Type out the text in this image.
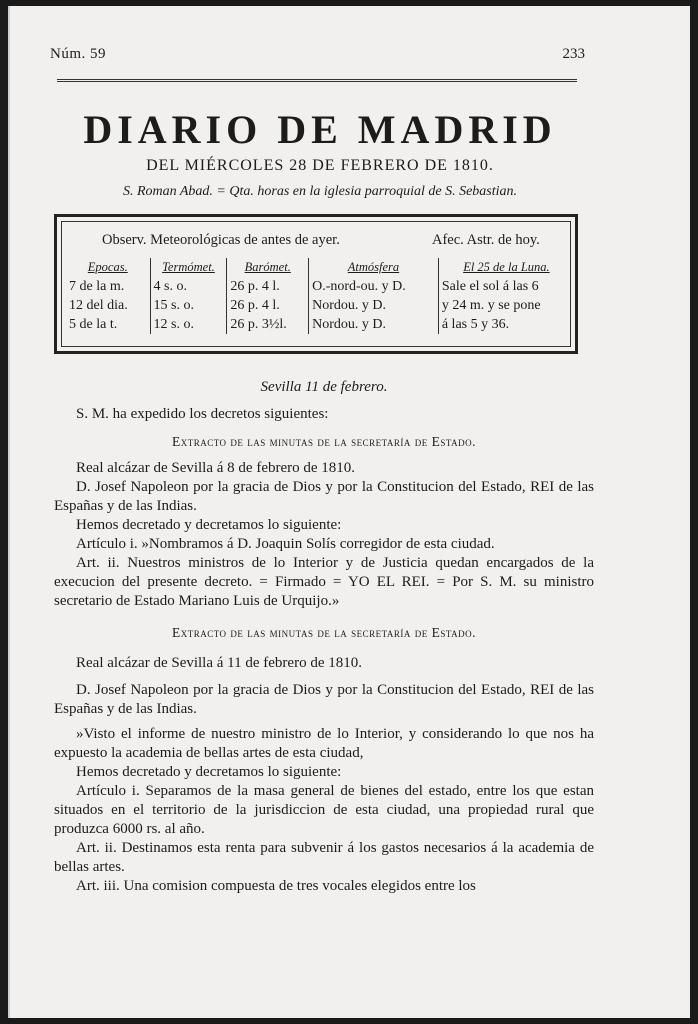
Núm. 59	233
DIARIO DE MADRID
DEL MIÉRCOLES 28 DE FEBRERO DE 1810.
S. Roman Abad. = Qta. horas en la iglesia parroquial de S. Sebastian.
Observ. Meteorológicas de antes de ayer.	Afec. Astr. de hoy.
Epocas.	Termómet.	Barómet.	Atmósfera	El 25 de la Luna.
7 de la m.	4 s. o.	26 p. 4 l.	O.-nord-ou. y D.	Sale el sol á las 6
12 del dia.	15 s. o.	26 p. 4 l.	Nordou. y D.	y 24 m. y se pone
5 de la t.	12 s. o.	26 p. 3½l.	Nordou. y D.	á las 5 y 36.

Sevilla 11 de febrero.

S. M. ha expedido los decretos siguientes:

Extracto de las minutas de la secretaría de Estado.

Real alcázar de Sevilla á 8 de febrero de 1810.

D. Josef Napoleon por la gracia de Dios y por la Constitucion del Estado, REI de las Españas y de las Indias.

Hemos decretado y decretamos lo siguiente:

Artículo i. »Nombramos á D. Joaquin Solís corregidor de esta ciudad.

Art. ii. Nuestros ministros de lo Interior y de Justicia quedan encargados de la execucion del presente decreto. = Firmado = YO EL REI. = Por S. M. su ministro secretario de Estado Mariano Luis de Urquijo.»

Extracto de las minutas de la secretaría de Estado.

Real alcázar de Sevilla á 11 de febrero de 1810.

D. Josef Napoleon por la gracia de Dios y por la Constitucion del Estado, REI de las Españas y de las Indias.

»Visto el informe de nuestro ministro de lo Interior, y considerando lo que nos ha expuesto la academia de bellas artes de esta ciudad,

Hemos decretado y decretamos lo siguiente:

Artículo i. Separamos de la masa general de bienes del estado, entre los que estan situados en el territorio de la jurisdiccion de esta ciudad, una propiedad rural que produzca 6000 rs. al año.

Art. ii. Destinamos esta renta para subvenir á los gastos necesarios á la academia de bellas artes.

Art. iii. Una comision compuesta de tres vocales elegidos entre los
